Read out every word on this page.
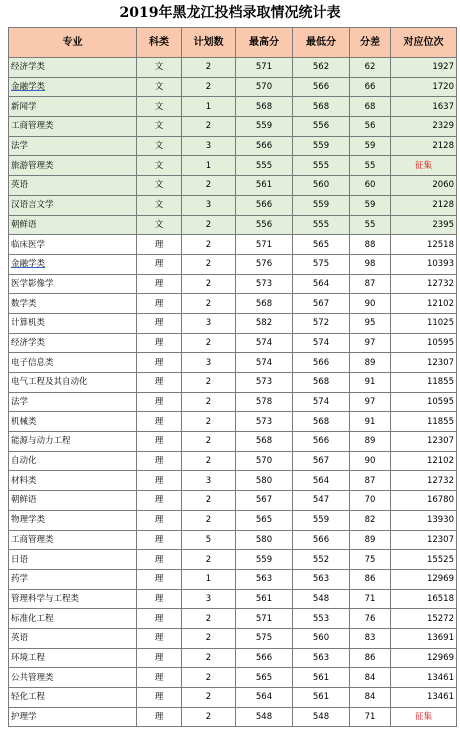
2019年黑龙江投档录取情况统计表
专业	科类	计划数	最高分	最低分	分差	对应位次
经济学类	文	2	571	562	62	1927
金融学类	文	2	570	566	66	1720
新闻学	文	1	568	568	68	1637
工商管理类	文	2	559	556	56	2329
法学	文	3	566	559	59	2128
旅游管理类	文	1	555	555	55	征集
英语	文	2	561	560	60	2060
汉语言文学	文	3	566	559	59	2128
朝鲜语	文	2	556	555	55	2395
临床医学	理	2	571	565	88	12518
金融学类	理	2	576	575	98	10393
医学影像学	理	2	573	564	87	12732
数学类	理	2	568	567	90	12102
计算机类	理	3	582	572	95	11025
经济学类	理	2	574	574	97	10595
电子信息类	理	3	574	566	89	12307
电气工程及其自动化	理	2	573	568	91	11855
法学	理	2	578	574	97	10595
机械类	理	2	573	568	91	11855
能源与动力工程	理	2	568	566	89	12307
自动化	理	2	570	567	90	12102
材料类	理	3	580	564	87	12732
朝鲜语	理	2	567	547	70	16780
物理学类	理	2	565	559	82	13930
工商管理类	理	5	580	566	89	12307
日语	理	2	559	552	75	15525
药学	理	1	563	563	86	12969
管理科学与工程类	理	3	561	548	71	16518
标准化工程	理	2	571	553	76	15272
英语	理	2	575	560	83	13691
环境工程	理	2	566	563	86	12969
公共管理类	理	2	565	561	84	13461
轻化工程	理	2	564	561	84	13461
护理学	理	2	548	548	71	征集
